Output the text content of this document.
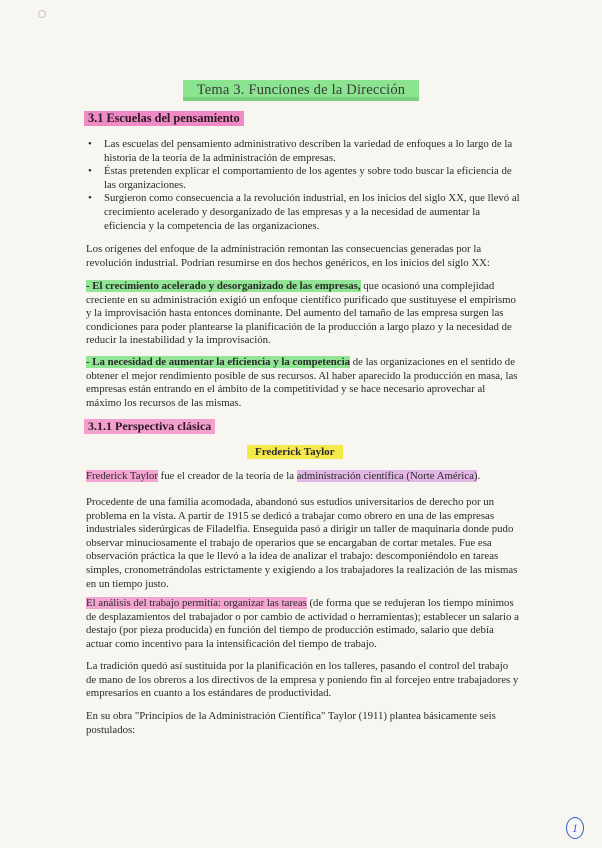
Tema 3. Funciones de la Dirección
3.1 Escuelas del pensamiento
• Las escuelas del pensamiento administrativo describen la variedad de enfoques a lo largo de la historia de la teoría de la administración de empresas.
• Éstas pretenden explicar el comportamiento de los agentes y sobre todo buscar la eficiencia de las organizaciones.
• Surgieron como consecuencia a la revolución industrial, en los inicios del siglo XX, que llevó al crecimiento acelerado y desorganizado de las empresas y a la necesidad de aumentar la eficiencia y la competencia de las organizaciones.
Los orígenes del enfoque de la administración remontan las consecuencias generadas por la revolución industrial. Podrían resumirse en dos hechos genéricos, en los inicios del siglo XX:
- El crecimiento acelerado y desorganizado de las empresas, que ocasionó una complejidad creciente en su administración exigió un enfoque científico purificado que sustituyese el empirismo y la improvisación hasta entonces dominante. Del aumento del tamaño de las empresa surgen las condiciones para poder plantearse la planificación de la producción a largo plazo y la necesidad de reducir la inestabilidad y la improvisación.
- La necesidad de aumentar la eficiencia y la competencia de las organizaciones en el sentido de obtener el mejor rendimiento posible de sus recursos. Al haber aparecido la producción en masa, las empresas están entrando en el ámbito de la competitividad y se hace necesario aprovechar al máximo los recursos de las mismas.
3.1.1 Perspectiva clásica
Frederick Taylor
Frederick Taylor fue el creador de la teoría de la administración científica (Norte América).
Procedente de una familia acomodada, abandonó sus estudios universitarios de derecho por un problema en la vista. A partir de 1915 se dedicó a trabajar como obrero en una de las empresas industriales siderúrgicas de Filadelfia. Enseguida pasó a dirigir un taller de maquinaria donde pudo observar minuciosamente el trabajo de operarios que se encargaban de cortar metales. Fue esa observación práctica la que le llevó a la idea de analizar el trabajo: descomponiéndolo en tareas simples, cronometrándolas estrictamente y exigiendo a los trabajadores la realización de las mismas en un tiempo justo.
El análisis del trabajo permitía: organizar las tareas (de forma que se redujeran los tiempo mínimos de desplazamientos del trabajador o por cambio de actividad o herramientas); establecer un salario a destajo (por pieza producida) en función del tiempo de producción estimado, salario que debía actuar como incentivo para la intensificación del tiempo de trabajo.
La tradición quedó así sustituida por la planificación en los talleres, pasando el control del trabajo de mano de los obreros a los directivos de la empresa y poniendo fin al forcejeo entre trabajadores y empresarios en cuanto a los estándares de productividad.
En su obra "Principios de la Administración Científica" Taylor (1911) plantea básicamente seis postulados:
1
